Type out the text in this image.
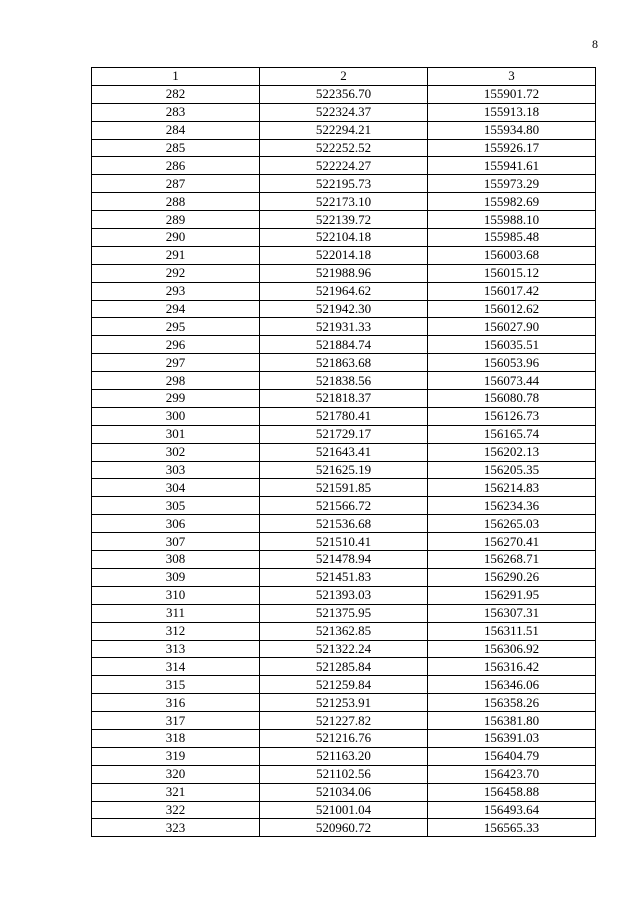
8
1	2	3
282	522356.70	155901.72
283	522324.37	155913.18
284	522294.21	155934.80
285	522252.52	155926.17
286	522224.27	155941.61
287	522195.73	155973.29
288	522173.10	155982.69
289	522139.72	155988.10
290	522104.18	155985.48
291	522014.18	156003.68
292	521988.96	156015.12
293	521964.62	156017.42
294	521942.30	156012.62
295	521931.33	156027.90
296	521884.74	156035.51
297	521863.68	156053.96
298	521838.56	156073.44
299	521818.37	156080.78
300	521780.41	156126.73
301	521729.17	156165.74
302	521643.41	156202.13
303	521625.19	156205.35
304	521591.85	156214.83
305	521566.72	156234.36
306	521536.68	156265.03
307	521510.41	156270.41
308	521478.94	156268.71
309	521451.83	156290.26
310	521393.03	156291.95
311	521375.95	156307.31
312	521362.85	156311.51
313	521322.24	156306.92
314	521285.84	156316.42
315	521259.84	156346.06
316	521253.91	156358.26
317	521227.82	156381.80
318	521216.76	156391.03
319	521163.20	156404.79
320	521102.56	156423.70
321	521034.06	156458.88
322	521001.04	156493.64
323	520960.72	156565.33
